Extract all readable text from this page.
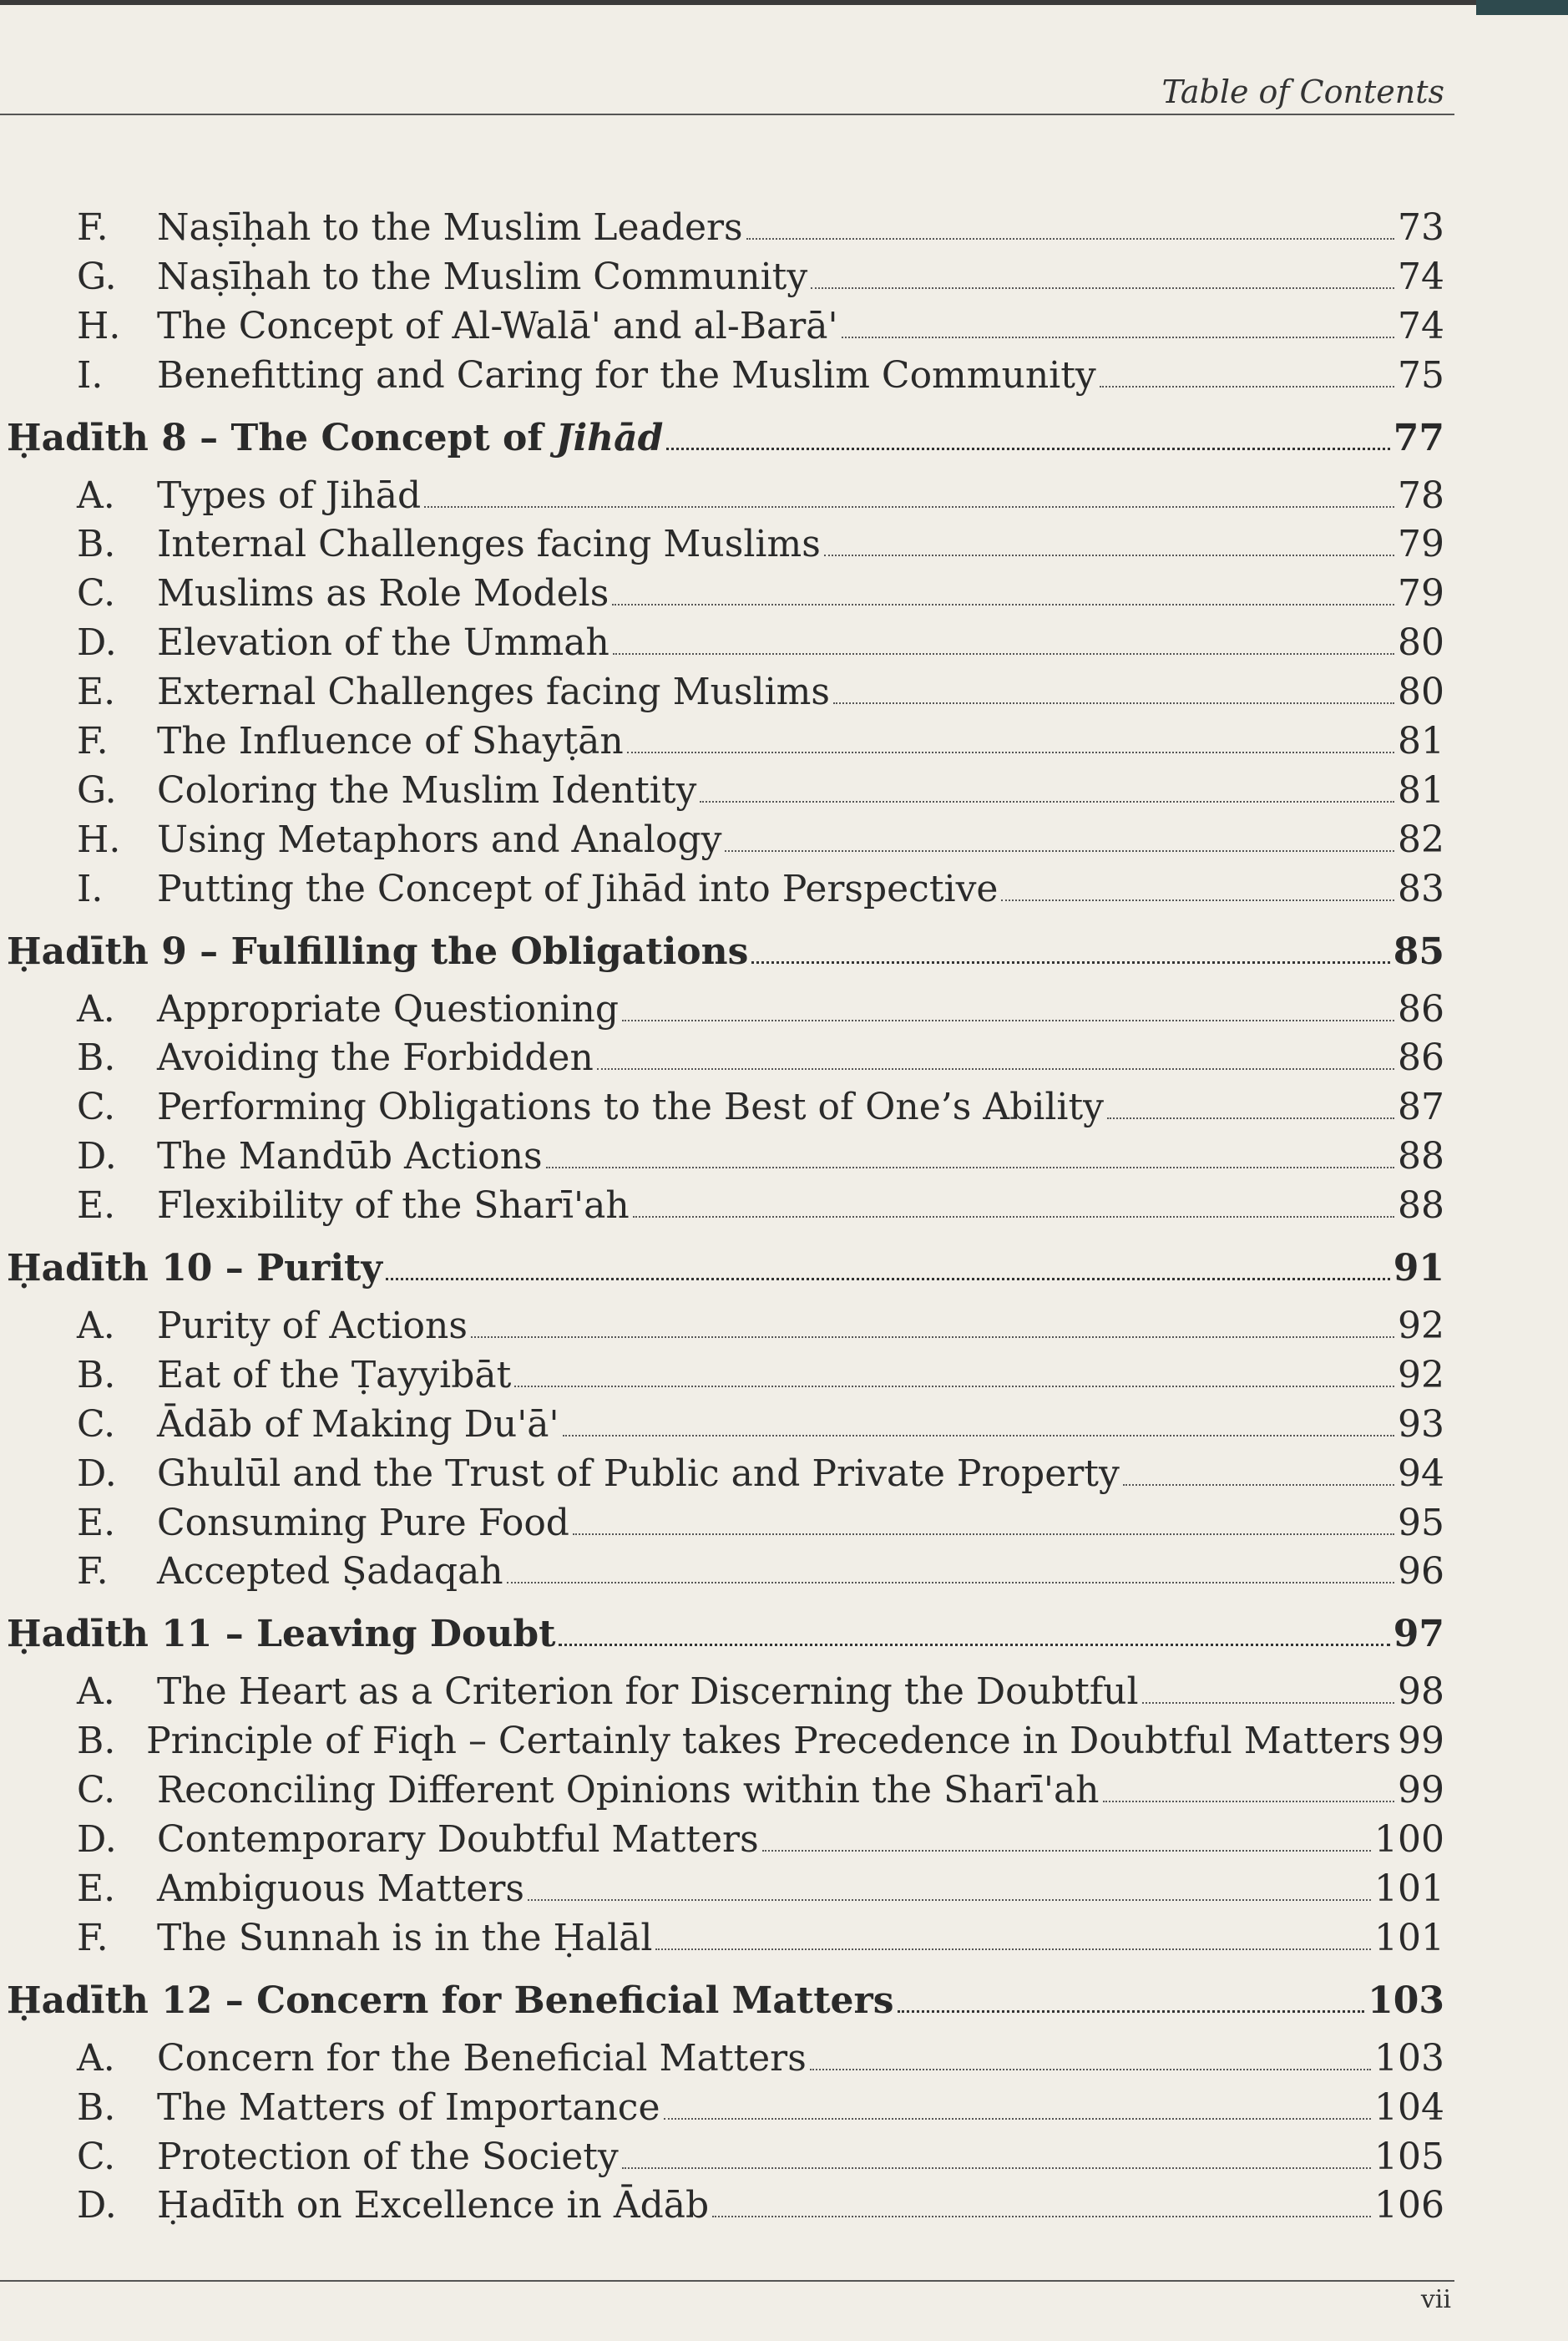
Table of Contents
F.	Naṣīḥah to the Muslim Leaders	73
G.	Naṣīḥah to the Muslim Community	74
H. The Concept of Al-Walā' and al-Barā'	74
I.	Benefitting and Caring for the Muslim Community	75
Ḥadīth 8 – The Concept of Jihād	77
A.	Types of Jihād	78
B.	Internal Challenges facing Muslims	79
C.	Muslims as Role Models	79
D.	Elevation of the Ummah	80
E.	External Challenges facing Muslims	80
F.	The Influence of Shayṭān	81
G.	Coloring the Muslim Identity	81
H. Using Metaphors and Analogy	82
I.	Putting the Concept of Jihād into Perspective	83
Ḥadīth 9 – Fulfilling the Obligations	85
A.	Appropriate Questioning	86
B.	Avoiding the Forbidden	86
C.	Performing Obligations to the Best of One’s Ability	87
D.	The Mandūb Actions	88
E.	Flexibility of the Sharī'ah	88
Ḥadīth 10 – Purity	91
A.	Purity of Actions	92
B.	Eat of the Ṭayyibāt	92
C.	Ādāb of Making Du'ā'	93
D.	Ghulūl and the Trust of Public and Private Property	94
E.	Consuming Pure Food	95
F.	Accepted Ṣadaqah	96
Ḥadīth 11 – Leaving Doubt	97
A.	The Heart as a Criterion for Discerning the Doubtful	98
B. Principle of Fiqh – Certainly takes Precedence in Doubtful Matters 99
C.	Reconciling Different Opinions within the Sharī'ah	99
D.	Contemporary Doubtful Matters	100
E.	Ambiguous Matters	101
F.	The Sunnah is in the Ḥalāl	101
Ḥadīth 12 – Concern for Beneficial Matters	103
A.	Concern for the Beneficial Matters	103
B.	The Matters of Importance	104
C.	Protection of the Society	105
D.	Ḥadīth on Excellence in Ādāb	106
vii
